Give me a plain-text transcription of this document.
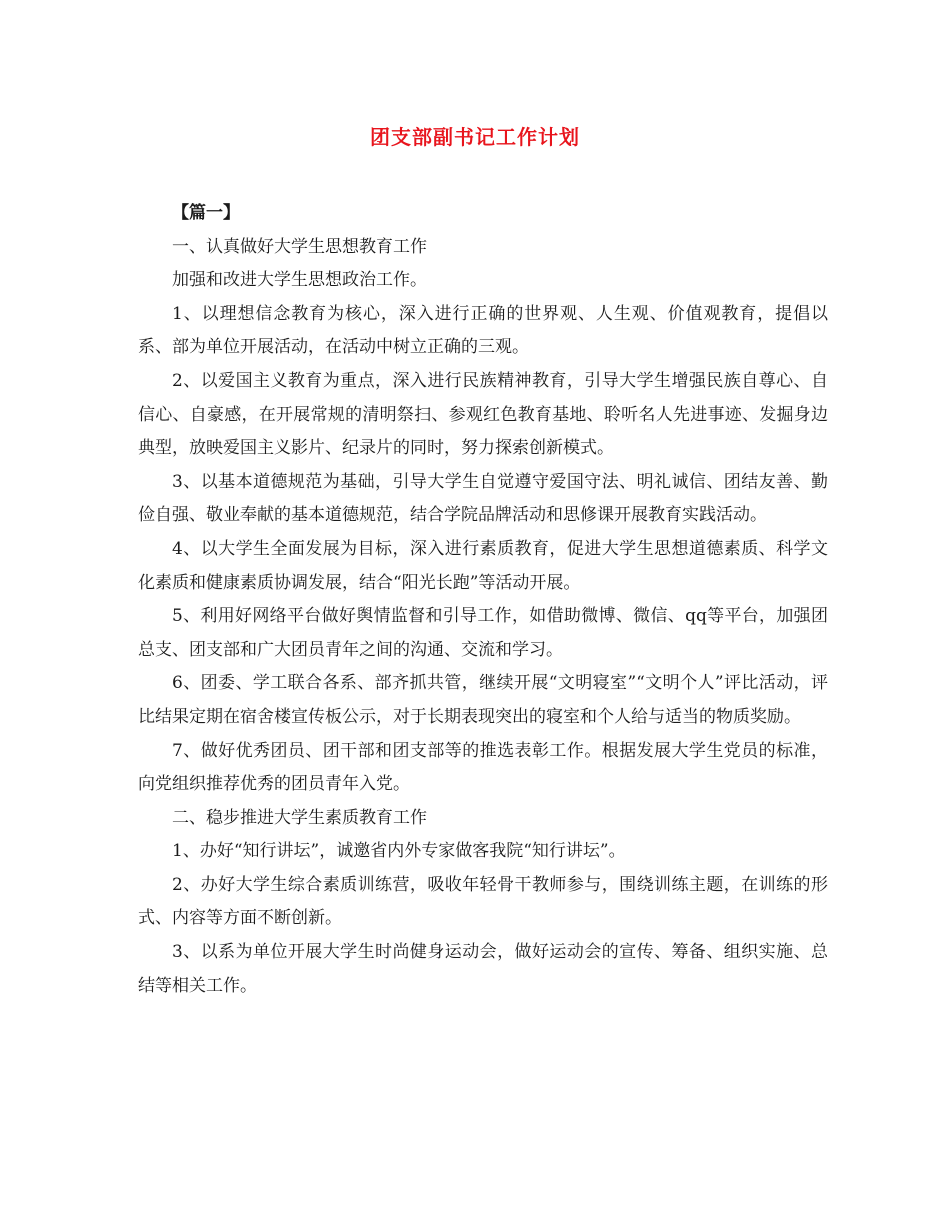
团支部副书记工作计划

【篇一】

一、认真做好大学生思想教育工作

加强和改进大学生思想政治工作。

1、以理想信念教育为核心，深入进行正确的世界观、人生观、价值观教育，提倡以系、部为单位开展活动，在活动中树立正确的三观。

2、以爱国主义教育为重点，深入进行民族精神教育，引导大学生增强民族自尊心、自信心、自豪感，在开展常规的清明祭扫、参观红色教育基地、聆听名人先进事迹、发掘身边典型，放映爱国主义影片、纪录片的同时，努力探索创新模式。

3、以基本道德规范为基础，引导大学生自觉遵守爱国守法、明礼诚信、团结友善、勤俭自强、敬业奉献的基本道德规范，结合学院品牌活动和思修课开展教育实践活动。

4、以大学生全面发展为目标，深入进行素质教育，促进大学生思想道德素质、科学文化素质和健康素质协调发展，结合“阳光长跑”等活动开展。

5、利用好网络平台做好舆情监督和引导工作，如借助微博、微信、qq等平台，加强团总支、团支部和广大团员青年之间的沟通、交流和学习。

6、团委、学工联合各系、部齐抓共管，继续开展“文明寝室”“文明个人”评比活动，评比结果定期在宿舍楼宣传板公示，对于长期表现突出的寝室和个人给与适当的物质奖励。

7、做好优秀团员、团干部和团支部等的推选表彰工作。根据发展大学生党员的标准，向党组织推荐优秀的团员青年入党。

二、稳步推进大学生素质教育工作

1、办好“知行讲坛”，诚邀省内外专家做客我院“知行讲坛”。

2、办好大学生综合素质训练营，吸收年轻骨干教师参与，围绕训练主题，在训练的形式、内容等方面不断创新。

3、以系为单位开展大学生时尚健身运动会，做好运动会的宣传、筹备、组织实施、总结等相关工作。
